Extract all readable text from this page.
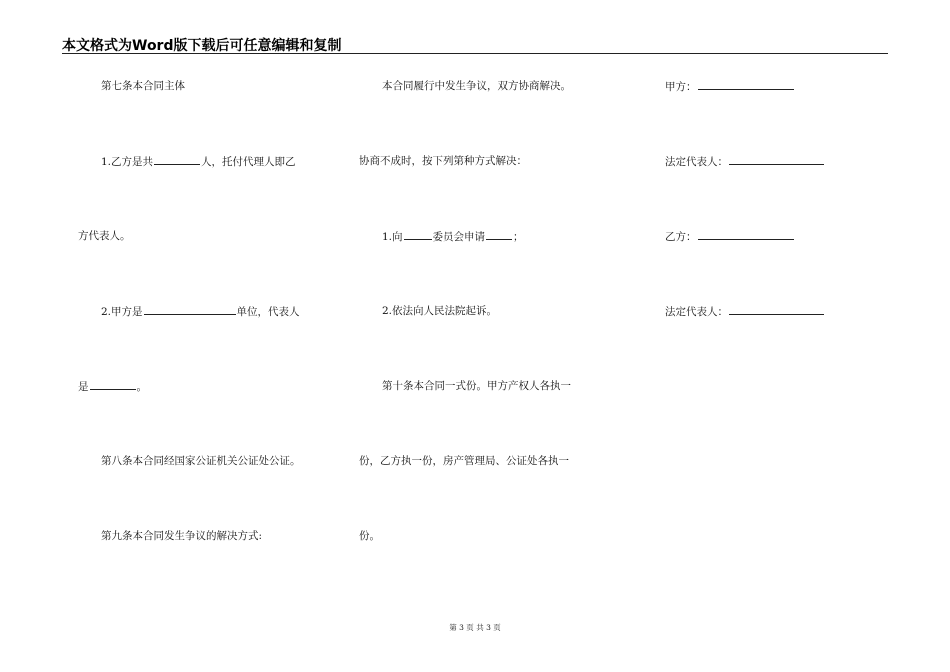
本文格式为Word版下载后可任意编辑和复制
第七条本合同主体
1.乙方是共	人，托付代理人即乙
方代表人。
2.甲方是	单位，代表人
是	。
第八条本合同经国家公证机关公证处公证。
第九条本合同发生争议的解决方式:
本合同履行中发生争议，双方协商解决。
协商不成时，按下列第种方式解决：
1.向	委员会申请	；
2.依法向人民法院起诉。
第十条本合同一式份。甲方产权人各执一
份，乙方执一份，房产管理局、公证处各执一
份。
甲方：
法定代表人：
乙方：
法定代表人：
第 3 页 共 3 页
